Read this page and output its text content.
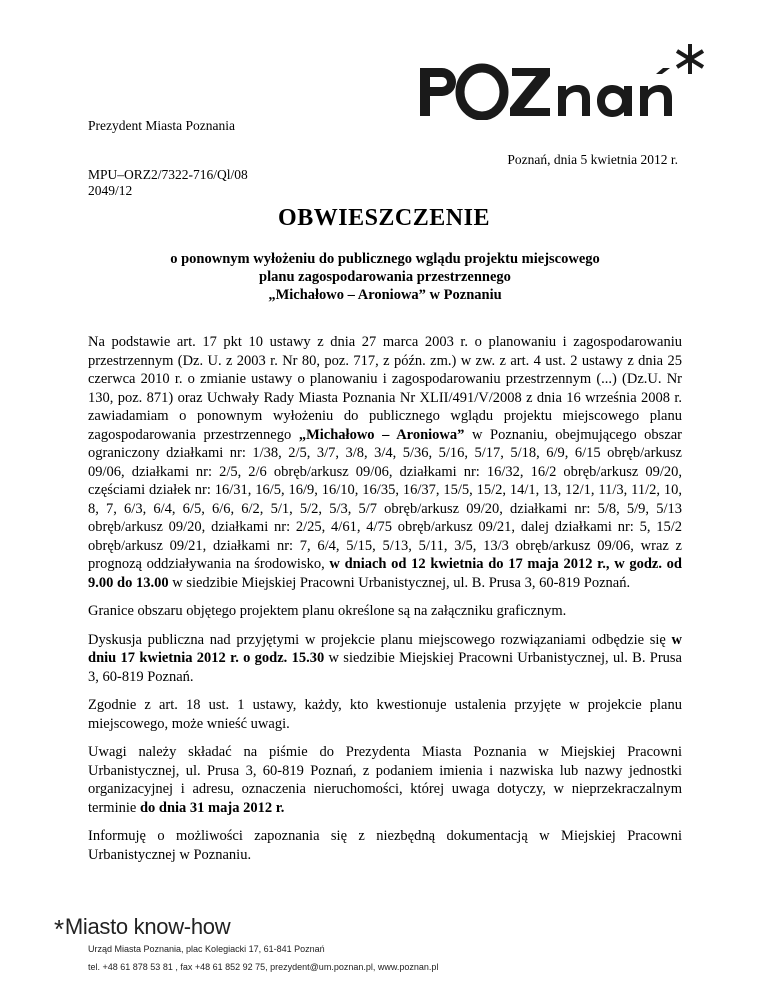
Prezydent Miasta Poznania
Poznań, dnia 5 kwietnia 2012 r.
MPU–ORZ2/7322-716/Ql/08
2049/12
OBWIESZCZENIE
o ponownym wyłożeniu do publicznego wglądu projektu miejscowego
planu zagospodarowania przestrzennego
„Michałowo – Aroniowa” w Poznaniu

Na podstawie art. 17 pkt 10 ustawy z dnia 27 marca 2003 r. o planowaniu i zagospodarowaniu przestrzennym (Dz. U. z 2003 r. Nr 80, poz. 717, z późn. zm.) w zw. z art. 4 ust. 2 ustawy z dnia 25 czerwca 2010 r. o zmianie ustawy o planowaniu i zagospodarowaniu przestrzennym (...) (Dz.U. Nr 130, poz. 871) oraz Uchwały Rady Miasta Poznania Nr XLII/491/V/2008 z dnia 16 września 2008 r. zawiadamiam o ponownym wyłożeniu do publicznego wglądu projektu miejscowego planu zagospodarowania przestrzennego „Michałowo – Aroniowa” w Poznaniu, obejmującego obszar ograniczony działkami nr: 1/38, 2/5, 3/7, 3/8, 3/4, 5/36, 5/16, 5/17, 5/18, 6/9, 6/15 obręb/arkusz 09/06, działkami nr: 2/5, 2/6 obręb/arkusz 09/06, działkami nr: 16/32, 16/2 obręb/arkusz 09/20, częściami działek nr: 16/31, 16/5, 16/9, 16/10, 16/35, 16/37, 15/5, 15/2, 14/1, 13, 12/1, 11/3, 11/2, 10, 8, 7, 6/3, 6/4, 6/5, 6/6, 6/2, 5/1, 5/2, 5/3, 5/7 obręb/arkusz 09/20, działkami nr: 5/8, 5/9, 5/13 obręb/arkusz 09/20, działkami nr: 2/25, 4/61, 4/75 obręb/arkusz 09/21, dalej działkami nr: 5, 15/2 obręb/arkusz 09/21, działkami nr: 7, 6/4, 5/15, 5/13, 5/11, 3/5, 13/3 obręb/arkusz 09/06, wraz z prognozą oddziaływania na środowisko, w dniach od 12 kwietnia do 17 maja 2012 r., w godz. od 9.00 do 13.00 w siedzibie Miejskiej Pracowni Urbanistycznej, ul. B. Prusa 3, 60-819 Poznań.

Granice obszaru objętego projektem planu określone są na załączniku graficznym.

Dyskusja publiczna nad przyjętymi w projekcie planu miejscowego rozwiązaniami odbędzie się w dniu 17 kwietnia 2012 r. o godz. 15.30 w siedzibie Miejskiej Pracowni Urbanistycznej, ul. B. Prusa 3, 60-819 Poznań.

Zgodnie z art. 18 ust. 1 ustawy, każdy, kto kwestionuje ustalenia przyjęte w projekcie planu miejscowego, może wnieść uwagi.

Uwagi należy składać na piśmie do Prezydenta Miasta Poznania w Miejskiej Pracowni Urbanistycznej, ul. Prusa 3, 60-819 Poznań, z podaniem imienia i nazwiska lub nazwy jednostki organizacyjnej i adresu, oznaczenia nieruchomości, której uwaga dotyczy, w nieprzekraczalnym terminie do dnia 31 maja 2012 r.

Informuję o możliwości zapoznania się z niezbędną dokumentacją w Miejskiej Pracowni Urbanistycznej w Poznaniu.

*Miasto know-how
Urząd Miasta Poznania, plac Kolegiacki 17, 61-841 Poznań
tel. +48 61 878 53 81 , fax +48 61 852 92 75, prezydent@um.poznan.pl, www.poznan.pl
